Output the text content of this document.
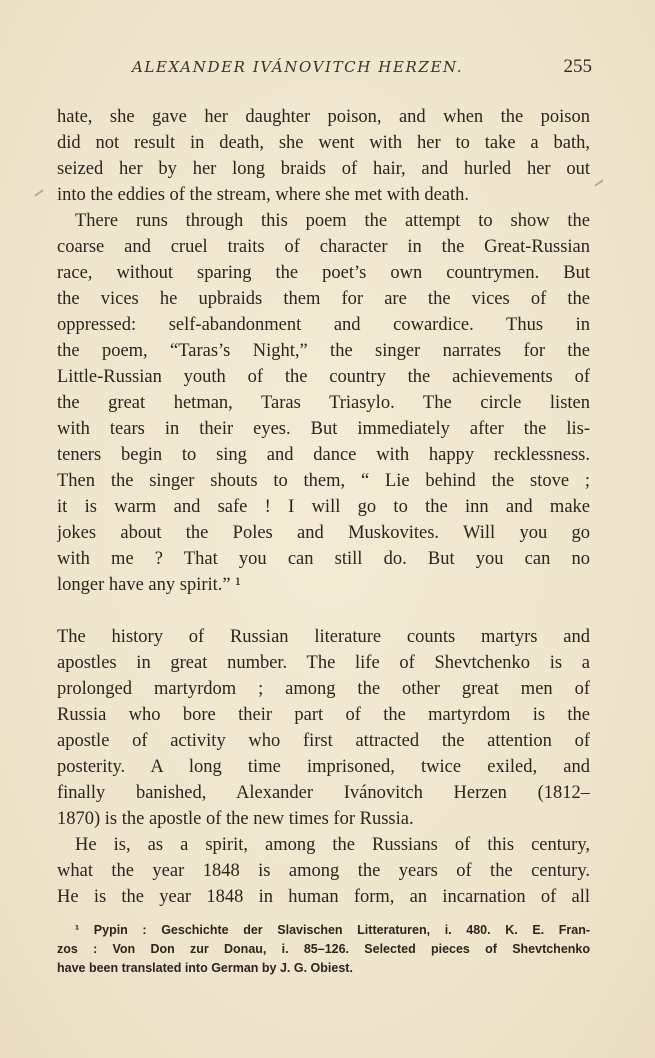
ALEXANDER IVÁNOVITCH HERZEN.	255
hate, she gave her daughter poison, and when the poison
did not result in death, she went with her to take a bath,
seized her by her long braids of hair, and hurled her out
into the eddies of the stream, where she met with death.
There runs through this poem the attempt to show the
coarse and cruel traits of character in the Great-Russian
race, without sparing the poet’s own countrymen. But
the vices he upbraids them for are the vices of the
oppressed: self-abandonment and cowardice. Thus in
the poem, “Taras’s Night,” the singer narrates for the
Little-Russian youth of the country the achievements of
the great hetman, Taras Triasylo. The circle listen
with tears in their eyes. But immediately after the lis-
teners begin to sing and dance with happy recklessness.
Then the singer shouts to them, “ Lie behind the stove ;
it is warm and safe ! I will go to the inn and make
jokes about the Poles and Muskovites. Will you go
with me ? That you can still do. But you can no
longer have any spirit.” ¹
The history of Russian literature counts martyrs and
apostles in great number. The life of Shevtchenko is a
prolonged martyrdom ; among the other great men of
Russia who bore their part of the martyrdom is the
apostle of activity who first attracted the attention of
posterity. A long time imprisoned, twice exiled, and
finally banished, Alexander Ivánovitch Herzen (1812–
1870) is the apostle of the new times for Russia.
He is, as a spirit, among the Russians of this century,
what the year 1848 is among the years of the century.
He is the year 1848 in human form, an incarnation of all
¹ Pypin : Geschichte der Slavischen Litteraturen, i. 480. K. E. Fran-
zos : Von Don zur Donau, i. 85–126. Selected pieces of Shevtchenko
have been translated into German by J. G. Obiest.
